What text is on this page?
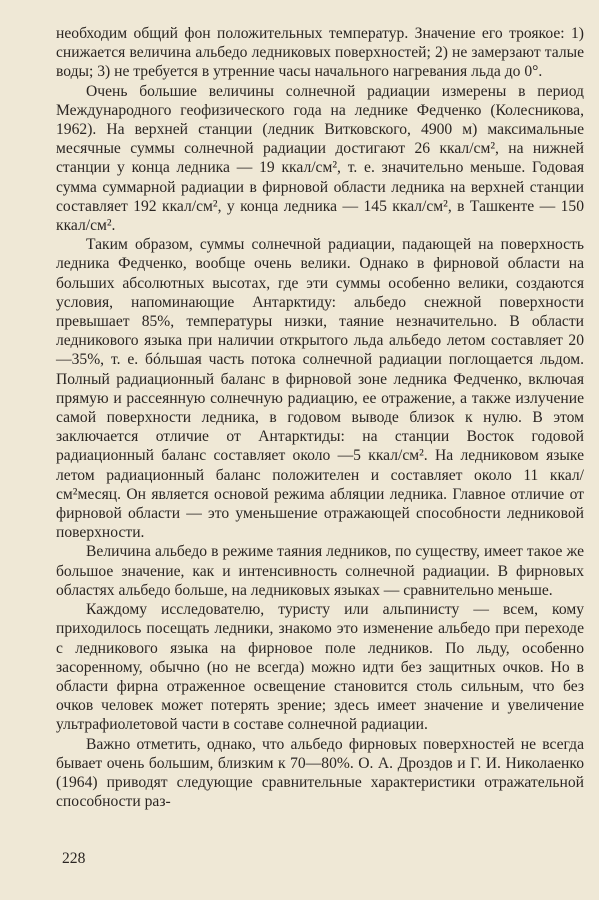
необходим общий фон положительных температур. Значение его троякое: 1) снижается величина альбедо ледниковых поверхностей; 2) не замерзают талые воды; 3) не требуется в утренние часы начального нагревания льда до 0°.

Очень большие величины солнечной радиации измерены в период Международного геофизического года на леднике Федченко (Колесникова, 1962). На верхней станции (ледник Витковского, 4900 м) максимальные месячные суммы солнечной радиации достигают 26 ккал/см², на нижней станции у конца ледника — 19 ккал/см², т. е. значительно меньше. Годовая сумма суммарной радиации в фирновой области ледника на верхней станции составляет 192 ккал/см², у конца ледника — 145 ккал/см², в Ташкенте — 150 ккал/см².

Таким образом, суммы солнечной радиации, падающей на поверхность ледника Федченко, вообще очень велики. Однако в фирновой области на больших абсолютных высотах, где эти суммы особенно велики, создаются условия, напоминающие Антарктиду: альбедо снежной поверхности превышает 85%, температуры низки, таяние незначительно. В области ледникового языка при наличии открытого льда альбедо летом составляет 20—35%, т. е. бóльшая часть потока солнечной радиации поглощается льдом. Полный радиационный баланс в фирновой зоне ледника Федченко, включая прямую и рассеянную солнечную радиацию, ее отражение, а также излучение самой поверхности ледника, в годовом выводе близок к нулю. В этом заключается отличие от Антарктиды: на станции Восток годовой радиационный баланс составляет около —5 ккал/см². На ледниковом языке летом радиационный баланс положителен и составляет около 11 ккал/см²месяц. Он является основой режима абляции ледника. Главное отличие от фирновой области — это уменьшение отражающей способности ледниковой поверхности.

Величина альбедо в режиме таяния ледников, по существу, имеет такое же большое значение, как и интенсивность солнечной радиации. В фирновых областях альбедо больше, на ледниковых языках — сравнительно меньше.

Каждому исследователю, туристу или альпинисту — всем, кому приходилось посещать ледники, знакомо это изменение альбедо при переходе с ледникового языка на фирновое поле ледников. По льду, особенно засоренному, обычно (но не всегда) можно идти без защитных очков. Но в области фирна отраженное освещение становится столь сильным, что без очков человек может потерять зрение; здесь имеет значение и увеличение ультрафиолетовой части в составе солнечной радиации.

Важно отметить, однако, что альбедо фирновых поверхностей не всегда бывает очень большим, близким к 70—80%. О. А. Дроздов и Г. И. Николаенко (1964) приводят следующие сравнительные характеристики отражательной способности раз-

228
